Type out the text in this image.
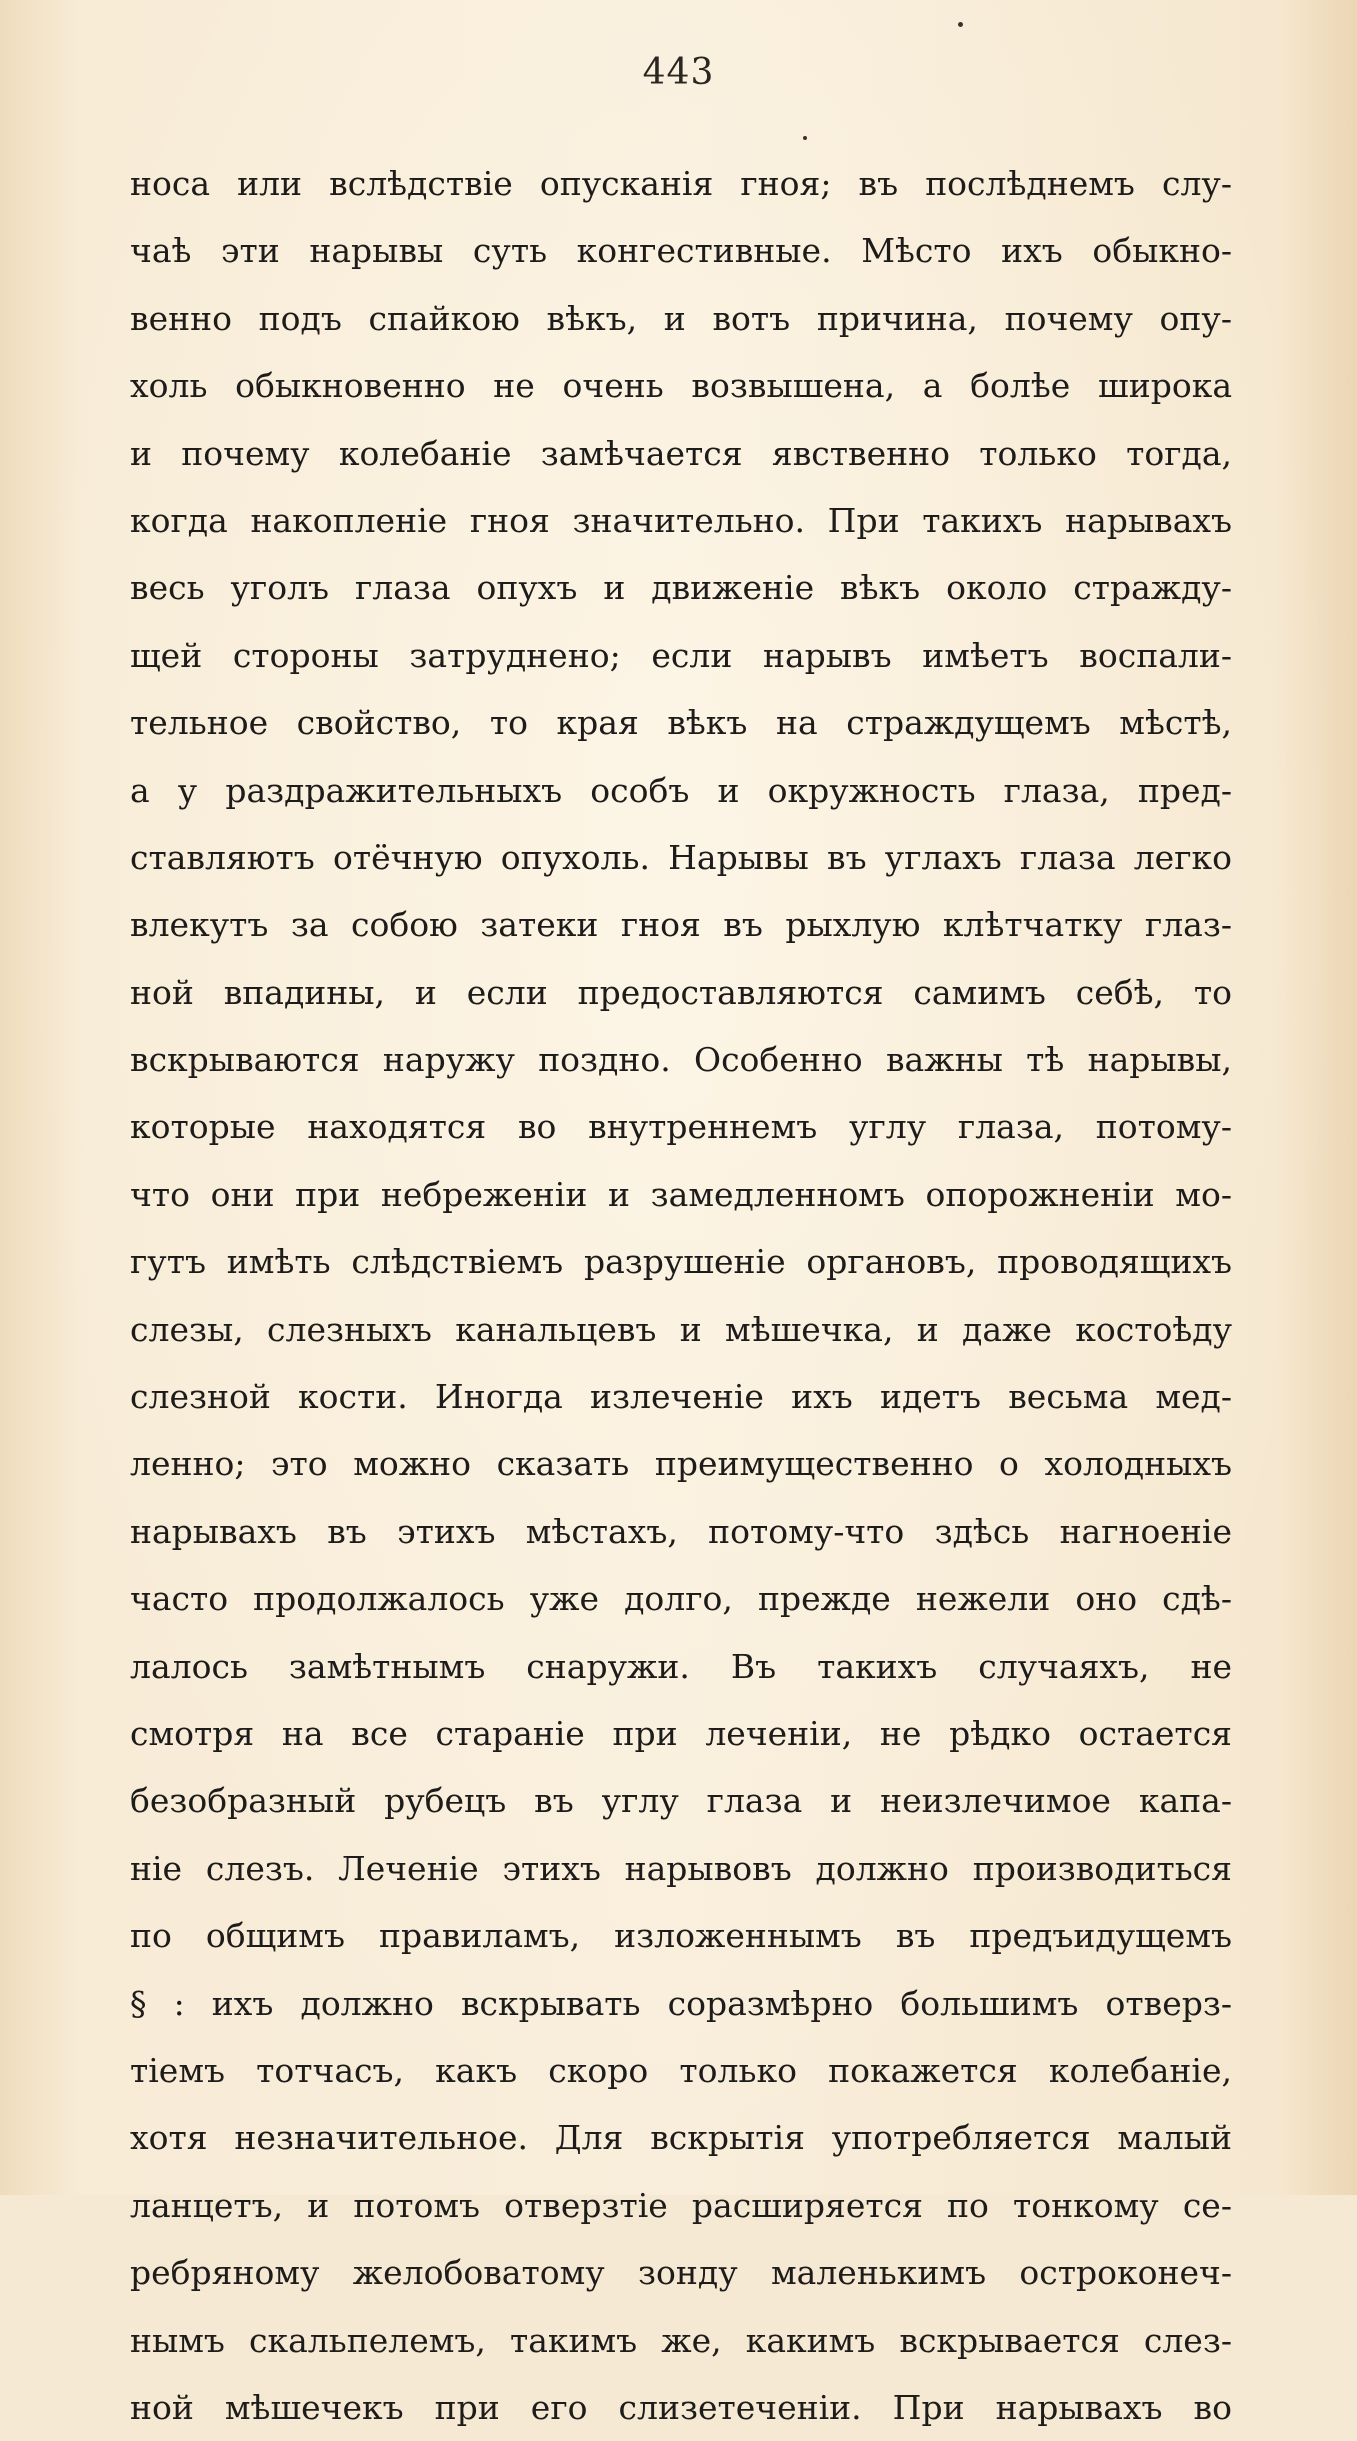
443
носа или вслѣдствіе опусканія гноя; въ послѣднемъ слу-
чаѣ эти нарывы суть конгестивные. Мѣсто ихъ обыкно-
венно подъ спайкою вѣкъ, и вотъ причина, почему опу-
холь обыкновенно не очень возвышена, а болѣе широка
и почему колебаніе замѣчается явственно только тогда,
когда накопленіе гноя значительно. При такихъ нарывахъ
весь уголъ глаза опухъ и движеніе вѣкъ около стражду-
щей стороны затруднено; если нарывъ имѣетъ воспали-
тельное свойство, то края вѣкъ на страждущемъ мѣстѣ,
а у раздражительныхъ особъ и окружность глаза, пред-
ставляютъ отёчную опухоль. Нарывы въ углахъ глаза легко
влекутъ за собою затеки гноя въ рыхлую клѣтчатку глаз-
ной впадины, и если предоставляются самимъ себѣ, то
вскрываются наружу поздно. Особенно важны тѣ нарывы,
которые находятся во внутреннемъ углу глаза, потому-
что они при небреженіи и замедленномъ опорожненіи мо-
гутъ имѣть слѣдствіемъ разрушеніе органовъ, проводящихъ
слезы, слезныхъ канальцевъ и мѣшечка, и даже костоѣду
слезной кости. Иногда излеченіе ихъ идетъ весьма мед-
ленно; это можно сказать преимущественно о холодныхъ
нарывахъ въ этихъ мѣстахъ, потому-что здѣсь нагноеніе
часто продолжалось уже долго, прежде нежели оно сдѣ-
лалось замѣтнымъ снаружи. Въ такихъ случаяхъ, не
смотря на все стараніе при леченіи, не рѣдко остается
безобразный рубецъ въ углу глаза и неизлечимое капа-
ніе слезъ. Леченіе этихъ нарывовъ должно производиться
по общимъ правиламъ, изложеннымъ въ предъидущемъ
§ : ихъ должно вскрывать соразмѣрно большимъ отверз-
тіемъ тотчасъ, какъ скоро только покажется колебаніе,
хотя незначительное. Для вскрытія употребляется малый
ланцетъ, и потомъ отверзтіе расширяется по тонкому се-
ребряному желобоватому зонду маленькимъ остроконеч-
нымъ скальпелемъ, такимъ же, какимъ вскрывается слез-
ной мѣшечекъ при его слизетеченіи. При нарывахъ во
